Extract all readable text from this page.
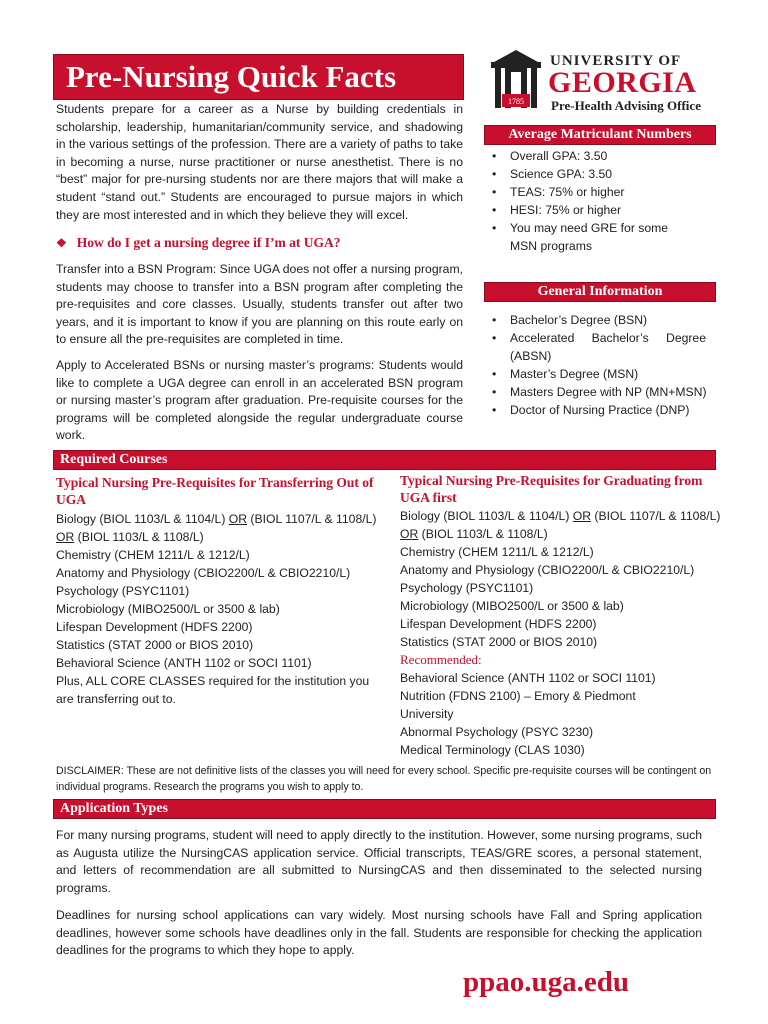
Pre-Nursing Quick Facts
1785
UNIVERSITY OF
GEORGIA
Pre-Health Advising Office

Students prepare for a career as a Nurse by building credentials in scholarship, leadership, humanitarian/community service, and shadowing in the various settings of the profession. There are a variety of paths to take in becoming a nurse, nurse practitioner or nurse anesthetist. There is no “best” major for pre-nursing students nor are there majors that will make a student “stand out.” Students are encouraged to pursue majors in which they are most interested and in which they believe they will excel.

❖ How do I get a nursing degree if I’m at UGA?

Transfer into a BSN Program: Since UGA does not offer a nursing program, students may choose to transfer into a BSN program after completing the pre-requisites and core classes. Usually, students transfer out after two years, and it is important to know if you are planning on this route early on to ensure all the pre-requisites are completed in time.

Apply to Accelerated BSNs or nursing master’s programs: Students would like to complete a UGA degree can enroll in an accelerated BSN program or nursing master’s program after graduation. Pre-requisite courses for the programs will be completed alongside the regular undergraduate course work.

Average Matriculant Numbers
• Overall GPA: 3.50
• Science GPA: 3.50
• TEAS: 75% or higher
• HESI: 75% or higher
• You may need GRE for some MSN programs
General Information
• Bachelor’s Degree (BSN)
• Accelerated Bachelor’s Degree (ABSN)
• Master’s Degree (MSN)
• Masters Degree with NP (MN+MSN)
• Doctor of Nursing Practice (DNP)
Required Courses
Typical Nursing Pre-Requisites for Transferring Out of UGA
Biology (BIOL 1103/L & 1104/L) OR (BIOL 1107/L & 1108/L)
OR (BIOL 1103/L & 1108/L)
Chemistry (CHEM 1211/L & 1212/L)
Anatomy and Physiology (CBIO2200/L & CBIO2210/L)
Psychology (PSYC1101)
Microbiology (MIBO2500/L or 3500 & lab)
Lifespan Development (HDFS 2200)
Statistics (STAT 2000 or BIOS 2010)
Behavioral Science (ANTH 1102 or SOCI 1101)
Plus, ALL CORE CLASSES required for the institution you are transferring out to.
Typical Nursing Pre-Requisites for Graduating from UGA first
Biology (BIOL 1103/L & 1104/L) OR (BIOL 1107/L & 1108/L)
OR (BIOL 1103/L & 1108/L)
Chemistry (CHEM 1211/L & 1212/L)
Anatomy and Physiology (CBIO2200/L & CBIO2210/L)
Psychology (PSYC1101)
Microbiology (MIBO2500/L or 3500 & lab)
Lifespan Development (HDFS 2200)
Statistics (STAT 2000 or BIOS 2010)
Recommended:
Behavioral Science (ANTH 1102 or SOCI 1101)
Nutrition (FDNS 2100) – Emory & Piedmont
University
Abnormal Psychology (PSYC 3230)
Medical Terminology (CLAS 1030)

DISCLAIMER: These are not definitive lists of the classes you will need for every school. Specific pre-requisite courses will be contingent on individual programs. Research the programs you wish to apply to.

Application Types

For many nursing programs, student will need to apply directly to the institution. However, some nursing programs, such as Augusta utilize the NursingCAS application service. Official transcripts, TEAS/GRE scores, a personal statement, and letters of recommendation are all submitted to NursingCAS and then disseminated to the selected nursing programs.

Deadlines for nursing school applications can vary widely. Most nursing schools have Fall and Spring application deadlines, however some schools have deadlines only in the fall. Students are responsible for checking the application deadlines for the programs to which they hope to apply.

ppao.uga.edu
